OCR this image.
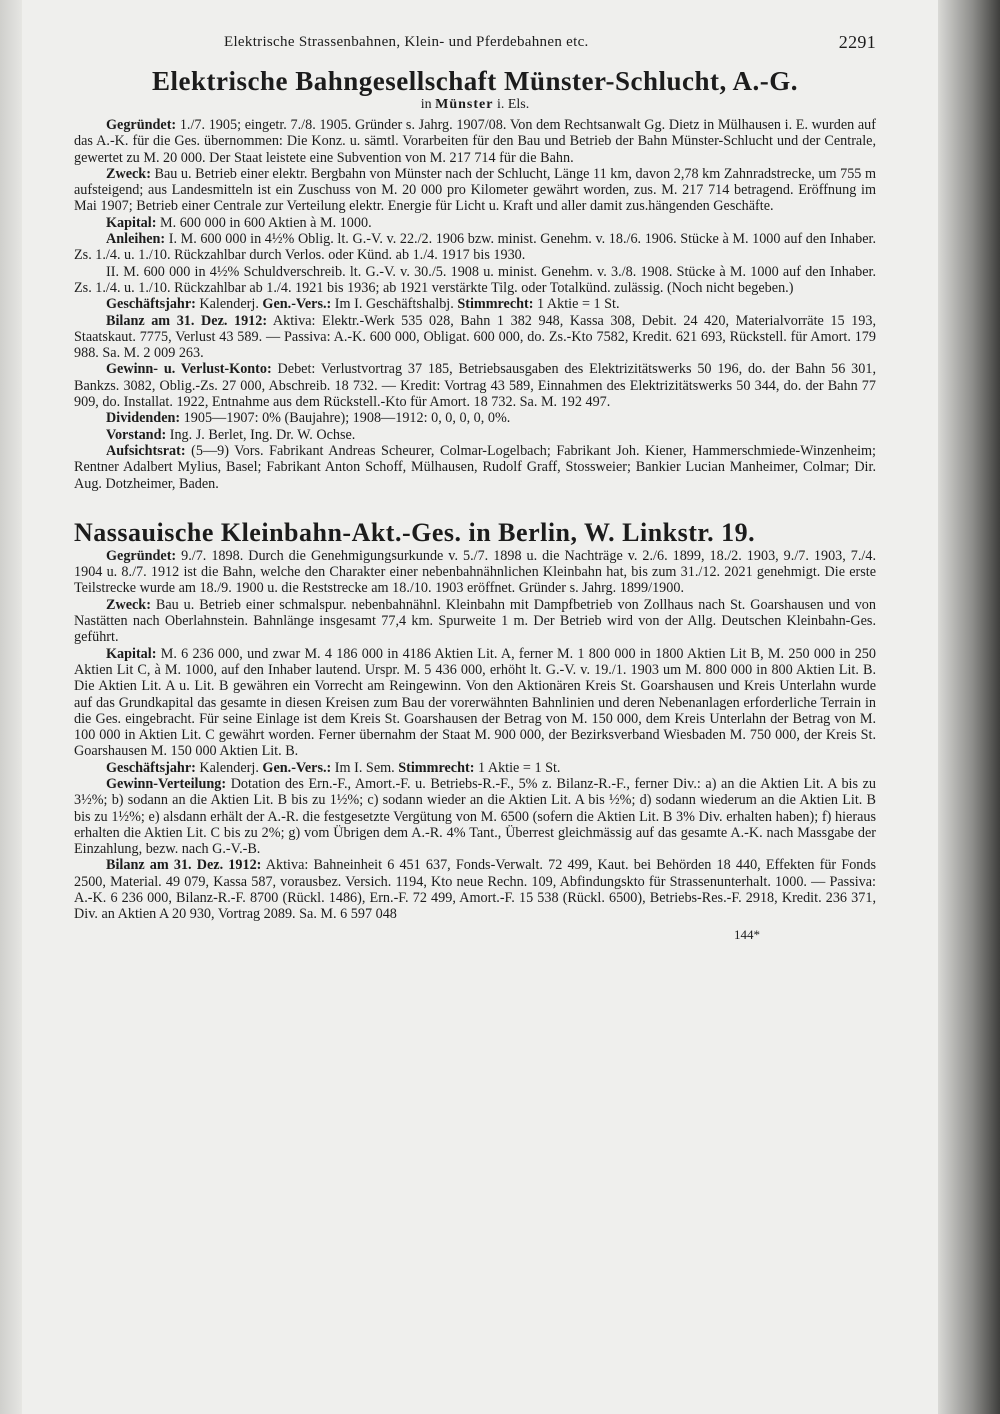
Elektrische Strassenbahnen, Klein- und Pferdebahnen etc.	2291
Elektrische Bahngesellschaft Münster-Schlucht, A.-G.
in Münster i. Els.

Gegründet: 1./7. 1905; eingetr. 7./8. 1905. Gründer s. Jahrg. 1907/08. Von dem Rechtsanwalt Gg. Dietz in Mülhausen i. E. wurden auf das A.-K. für die Ges. übernommen: Die Konz. u. sämtl. Vorarbeiten für den Bau und Betrieb der Bahn Münster-Schlucht und der Centrale, gewertet zu M. 20 000. Der Staat leistete eine Subvention von M. 217 714 für die Bahn.

Zweck: Bau u. Betrieb einer elektr. Bergbahn von Münster nach der Schlucht, Länge 11 km, davon 2,78 km Zahnradstrecke, um 755 m aufsteigend; aus Landesmitteln ist ein Zuschuss von M. 20 000 pro Kilometer gewährt worden, zus. M. 217 714 betragend. Eröffnung im Mai 1907; Betrieb einer Centrale zur Verteilung elektr. Energie für Licht u. Kraft und aller damit zus.hängenden Geschäfte.

Kapital: M. 600 000 in 600 Aktien à M. 1000.

Anleihen: I. M. 600 000 in 4½% Oblig. lt. G.-V. v. 22./2. 1906 bzw. minist. Genehm. v. 18./6. 1906. Stücke à M. 1000 auf den Inhaber. Zs. 1./4. u. 1./10. Rückzahlbar durch Verlos. oder Künd. ab 1./4. 1917 bis 1930.

II. M. 600 000 in 4½% Schuldverschreib. lt. G.-V. v. 30./5. 1908 u. minist. Genehm. v. 3./8. 1908. Stücke à M. 1000 auf den Inhaber. Zs. 1./4. u. 1./10. Rückzahlbar ab 1./4. 1921 bis 1936; ab 1921 verstärkte Tilg. oder Totalkünd. zulässig. (Noch nicht begeben.)

Geschäftsjahr: Kalenderj. Gen.-Vers.: Im I. Geschäftshalbj. Stimmrecht: 1 Aktie = 1 St.

Bilanz am 31. Dez. 1912: Aktiva: Elektr.-Werk 535 028, Bahn 1 382 948, Kassa 308, Debit. 24 420, Materialvorräte 15 193, Staatskaut. 7775, Verlust 43 589. — Passiva: A.-K. 600 000, Obligat. 600 000, do. Zs.-Kto 7582, Kredit. 621 693, Rückstell. für Amort. 179 988. Sa. M. 2 009 263.

Gewinn- u. Verlust-Konto: Debet: Verlustvortrag 37 185, Betriebsausgaben des Elektrizitätswerks 50 196, do. der Bahn 56 301, Bankzs. 3082, Oblig.-Zs. 27 000, Abschreib. 18 732. — Kredit: Vortrag 43 589, Einnahmen des Elektrizitätswerks 50 344, do. der Bahn 77 909, do. Installat. 1922, Entnahme aus dem Rückstell.-Kto für Amort. 18 732. Sa. M. 192 497.

Dividenden: 1905—1907: 0% (Baujahre); 1908—1912: 0, 0, 0, 0, 0%.

Vorstand: Ing. J. Berlet, Ing. Dr. W. Ochse.

Aufsichtsrat: (5—9) Vors. Fabrikant Andreas Scheurer, Colmar-Logelbach; Fabrikant Joh. Kiener, Hammerschmiede-Winzenheim; Rentner Adalbert Mylius, Basel; Fabrikant Anton Schoff, Mülhausen, Rudolf Graff, Stossweier; Bankier Lucian Manheimer, Colmar; Dir. Aug. Dotzheimer, Baden.

Nassauische Kleinbahn-Akt.-Ges. in Berlin, W. Linkstr. 19.

Gegründet: 9./7. 1898. Durch die Genehmigungsurkunde v. 5./7. 1898 u. die Nachträge v. 2./6. 1899, 18./2. 1903, 9./7. 1903, 7./4. 1904 u. 8./7. 1912 ist die Bahn, welche den Charakter einer nebenbahnähnlichen Kleinbahn hat, bis zum 31./12. 2021 genehmigt. Die erste Teilstrecke wurde am 18./9. 1900 u. die Reststrecke am 18./10. 1903 eröffnet. Gründer s. Jahrg. 1899/1900.

Zweck: Bau u. Betrieb einer schmalspur. nebenbahnähnl. Kleinbahn mit Dampfbetrieb von Zollhaus nach St. Goarshausen und von Nastätten nach Oberlahnstein. Bahnlänge insgesamt 77,4 km. Spurweite 1 m. Der Betrieb wird von der Allg. Deutschen Kleinbahn-Ges. geführt.

Kapital: M. 6 236 000, und zwar M. 4 186 000 in 4186 Aktien Lit. A, ferner M. 1 800 000 in 1800 Aktien Lit B, M. 250 000 in 250 Aktien Lit C, à M. 1000, auf den Inhaber lautend. Urspr. M. 5 436 000, erhöht lt. G.-V. v. 19./1. 1903 um M. 800 000 in 800 Aktien Lit. B. Die Aktien Lit. A u. Lit. B gewähren ein Vorrecht am Reingewinn. Von den Aktionären Kreis St. Goarshausen und Kreis Unterlahn wurde auf das Grundkapital das gesamte in diesen Kreisen zum Bau der vorerwähnten Bahnlinien und deren Nebenanlagen erforderliche Terrain in die Ges. eingebracht. Für seine Einlage ist dem Kreis St. Goarshausen der Betrag von M. 150 000, dem Kreis Unterlahn der Betrag von M. 100 000 in Aktien Lit. C gewährt worden. Ferner übernahm der Staat M. 900 000, der Bezirksverband Wiesbaden M. 750 000, der Kreis St. Goarshausen M. 150 000 Aktien Lit. B.

Geschäftsjahr: Kalenderj. Gen.-Vers.: Im I. Sem. Stimmrecht: 1 Aktie = 1 St.

Gewinn-Verteilung: Dotation des Ern.-F., Amort.-F. u. Betriebs-R.-F., 5% z. Bilanz-R.-F., ferner Div.: a) an die Aktien Lit. A bis zu 3½%; b) sodann an die Aktien Lit. B bis zu 1½%; c) sodann wieder an die Aktien Lit. A bis ½%; d) sodann wiederum an die Aktien Lit. B bis zu 1½%; e) alsdann erhält der A.-R. die festgesetzte Vergütung von M. 6500 (sofern die Aktien Lit. B 3% Div. erhalten haben); f) hieraus erhalten die Aktien Lit. C bis zu 2%; g) vom Übrigen dem A.-R. 4% Tant., Überrest gleichmässig auf das gesamte A.-K. nach Massgabe der Einzahlung, bezw. nach G.-V.-B.

Bilanz am 31. Dez. 1912: Aktiva: Bahneinheit 6 451 637, Fonds-Verwalt. 72 499, Kaut. bei Behörden 18 440, Effekten für Fonds 2500, Material. 49 079, Kassa 587, vorausbez. Versich. 1194, Kto neue Rechn. 109, Abfindungskto für Strassenunterhalt. 1000. — Passiva: A.-K. 6 236 000, Bilanz-R.-F. 8700 (Rückl. 1486), Ern.-F. 72 499, Amort.-F. 15 538 (Rückl. 6500), Betriebs-Res.-F. 2918, Kredit. 236 371, Div. an Aktien A 20 930, Vortrag 2089. Sa. M. 6 597 048

144*
